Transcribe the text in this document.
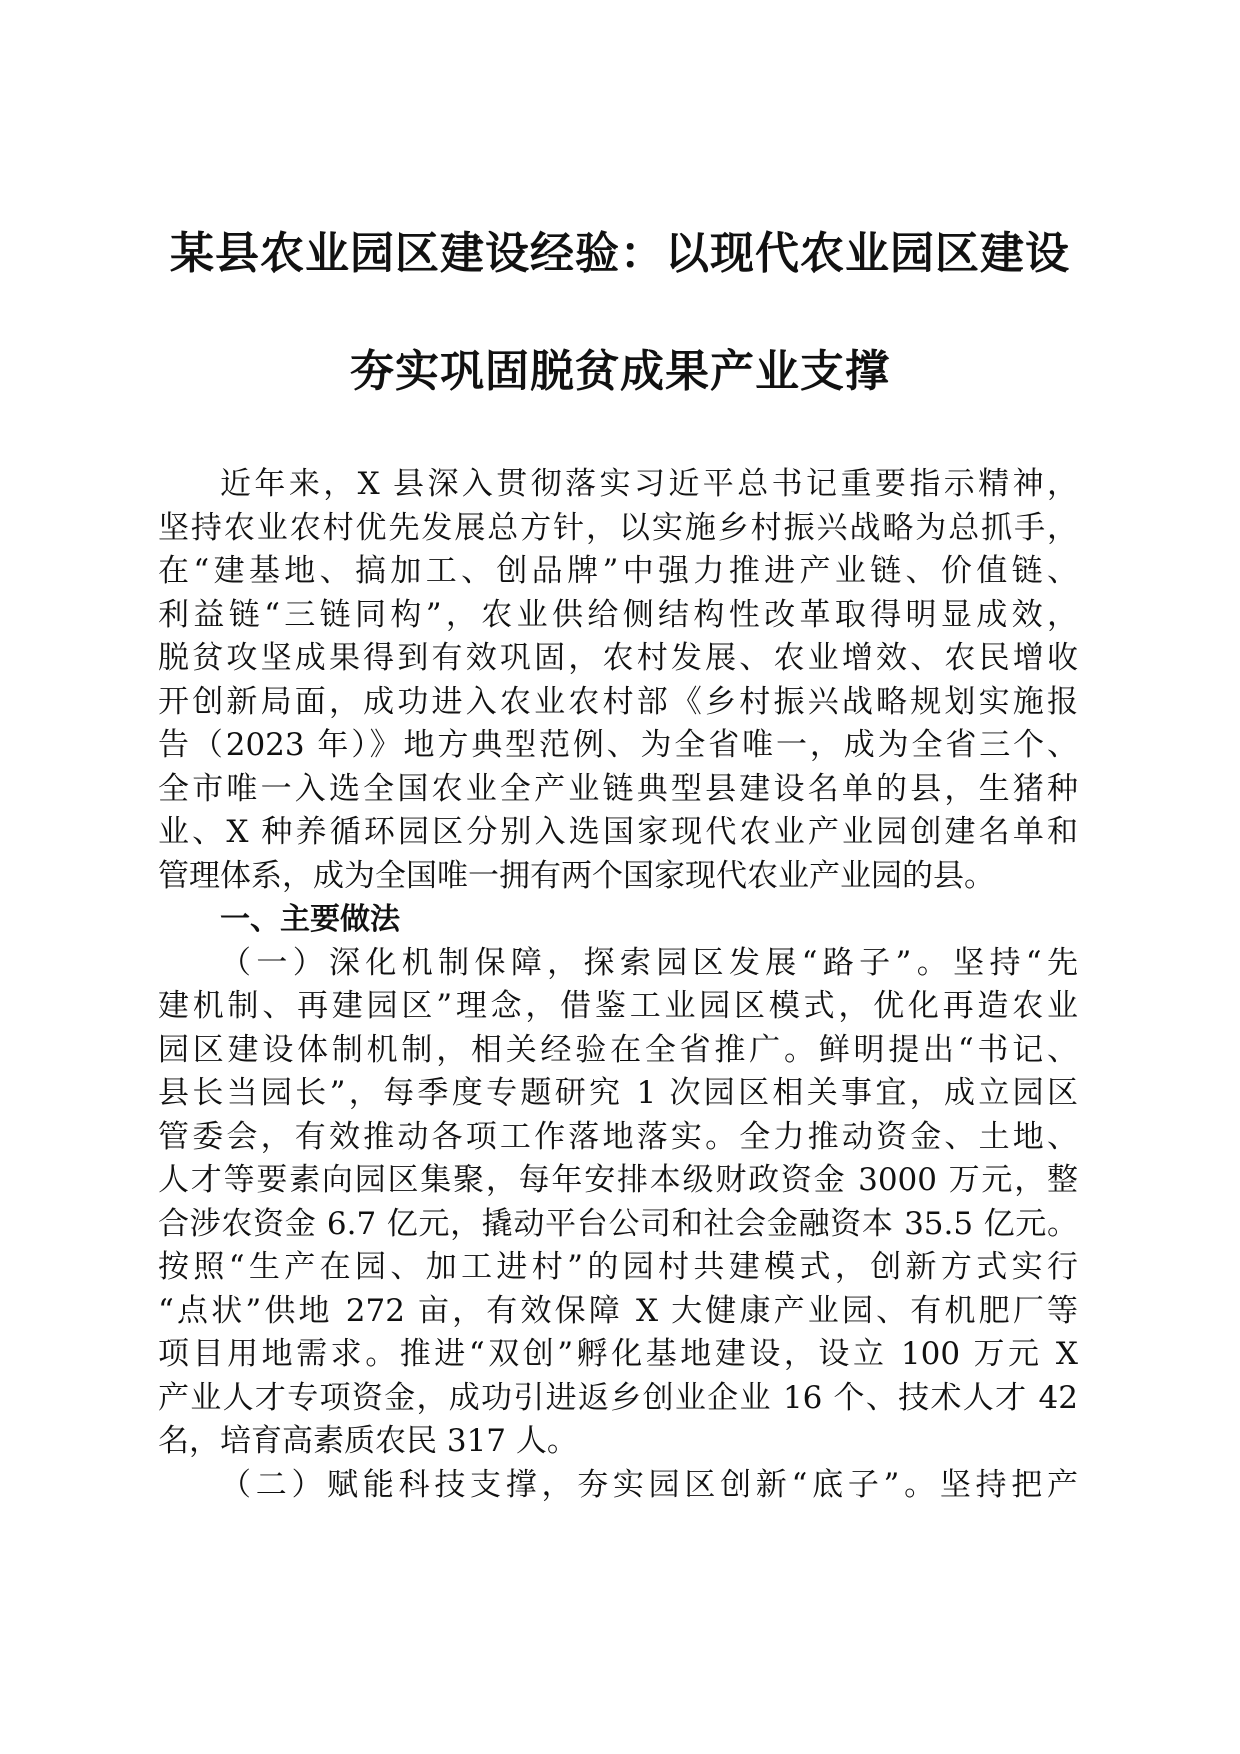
某县农业园区建设经验：以现代农业园区建设
夯实巩固脱贫成果产业支撑
近年来，X 县深入贯彻落实习近平总书记重要指示精神，
坚持农业农村优先发展总方针，以实施乡村振兴战略为总抓手，
在“建基地、搞加工、创品牌”中强力推进产业链、价值链、
利益链“三链同构”，农业供给侧结构性改革取得明显成效，
脱贫攻坚成果得到有效巩固，农村发展、农业增效、农民增收
开创新局面，成功进入农业农村部《乡村振兴战略规划实施报
告（2023 年）》地方典型范例、为全省唯一，成为全省三个、
全市唯一入选全国农业全产业链典型县建设名单的县，生猪种
业、X 种养循环园区分别入选国家现代农业产业园创建名单和
管理体系，成为全国唯一拥有两个国家现代农业产业园的县。
一、主要做法
（一）深化机制保障，探索园区发展“路子”。坚持“先
建机制、再建园区”理念，借鉴工业园区模式，优化再造农业
园区建设体制机制，相关经验在全省推广。鲜明提出“书记、
县长当园长”，每季度专题研究 1 次园区相关事宜，成立园区
管委会，有效推动各项工作落地落实。全力推动资金、土地、
人才等要素向园区集聚，每年安排本级财政资金 3000 万元，整
合涉农资金 6.7 亿元，撬动平台公司和社会金融资本 35.5 亿元。
按照“生产在园、加工进村”的园村共建模式，创新方式实行
“点状”供地 272 亩，有效保障 X 大健康产业园、有机肥厂等
项目用地需求。推进“双创”孵化基地建设，设立 100 万元 X
产业人才专项资金，成功引进返乡创业企业 16 个、技术人才 42
名，培育高素质农民 317 人。
（二）赋能科技支撑，夯实园区创新“底子”。坚持把产
